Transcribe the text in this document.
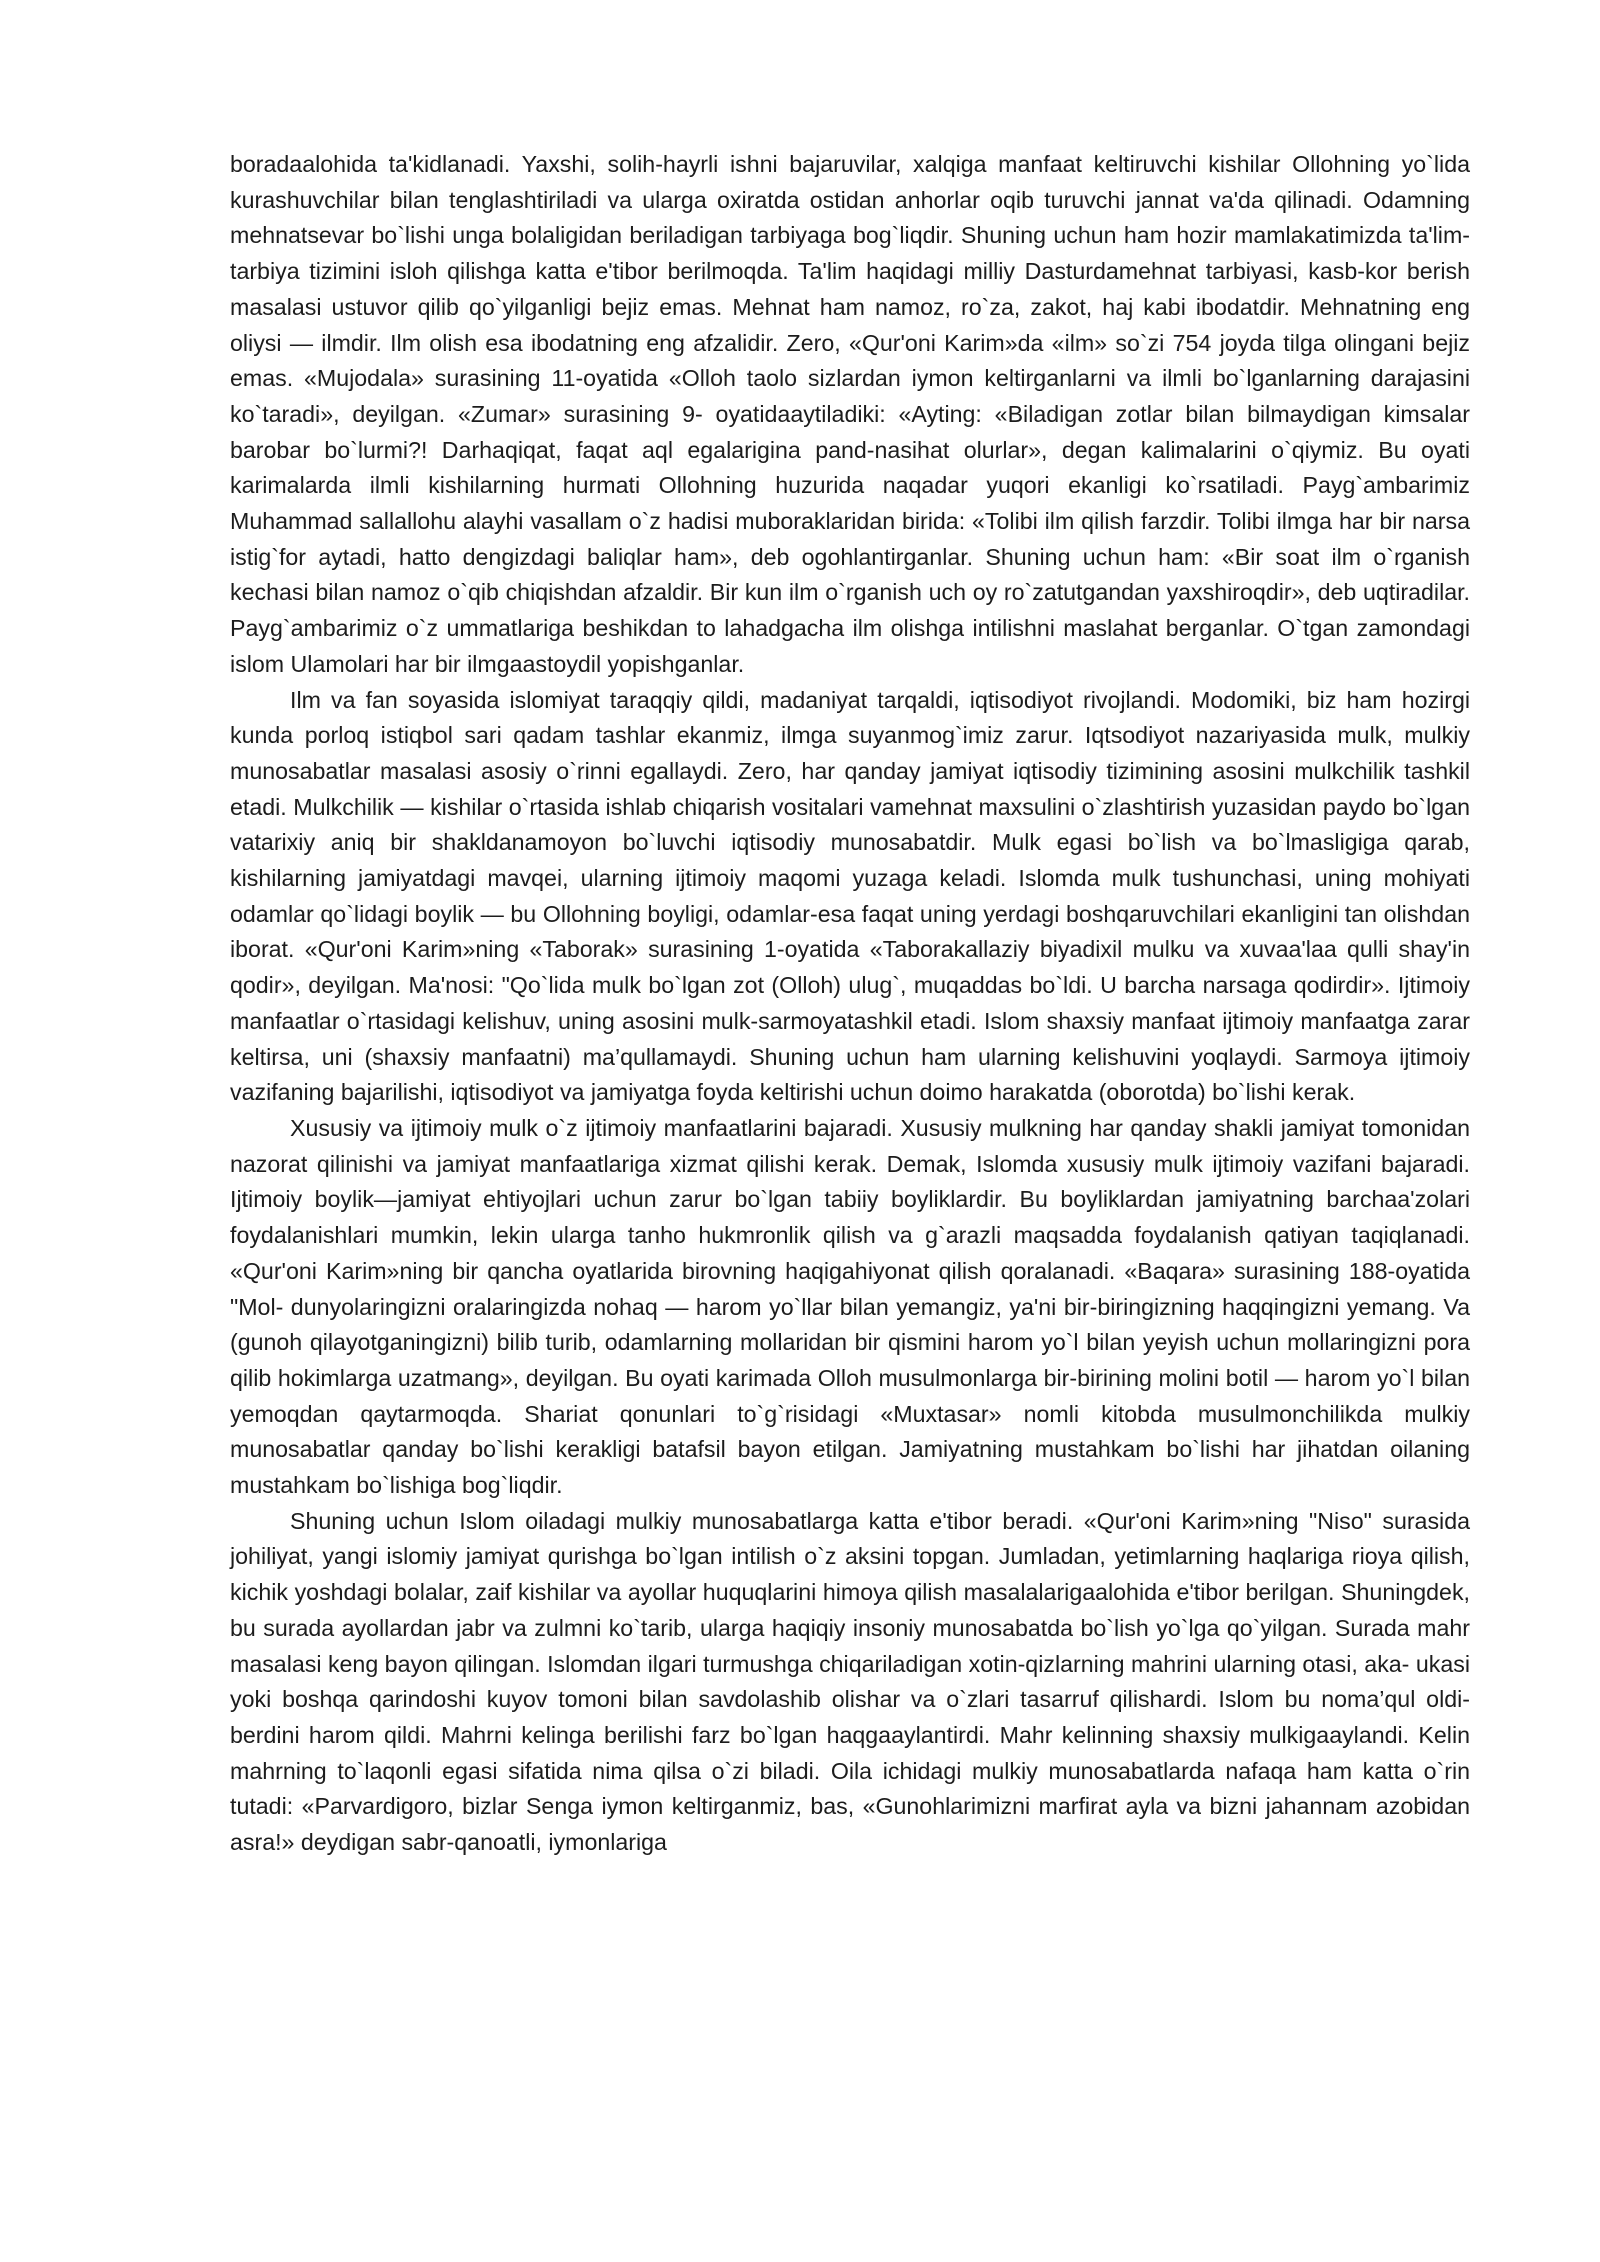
boradaalohida ta'kidlanadi. Yaxshi, solih-hayrli ishni bajaruvilar, xalqiga manfaat keltiruvchi kishilar Ollohning yo`lida kurashuvchilar bilan tenglashtiriladi va ularga oxiratda ostidan anhorlar oqib turuvchi jannat va'da qilinadi. Odamning mehnatsevar bo`lishi unga bolaligidan beriladigan tarbiyaga bog`liqdir. Shuning uchun ham hozir mamlakatimizda ta'lim-tarbiya tizimini isloh qilishga katta e'tibor berilmoqda. Ta'lim haqidagi milliy Dasturdamehnat tarbiyasi, kasb-kor berish masalasi ustuvor qilib qo`yilganligi bejiz emas. Mehnat ham namoz, ro`za, zakot, haj kabi ibodatdir. Mehnatning eng oliysi — ilmdir. Ilm olish esa ibodatning eng afzalidir. Zero, «Qur'oni Karim»da «ilm» so`zi 754 joyda tilga olingani bejiz emas. «Mujodala» surasining 11-oyatida «Olloh taolo sizlardan iymon keltirganlarni va ilmli bo`lganlarning darajasini ko`taradi», deyilgan. «Zumar» surasining 9- oyatidaaytiladiki: «Ayting: «Biladigan zotlar bilan bilmaydigan kimsalar barobar bo`lurmi?! Darhaqiqat, faqat aql egalarigina pand-nasihat olurlar», degan kalimalarini o`qiymiz. Bu oyati karimalarda ilmli kishilarning hurmati Ollohning huzurida naqadar yuqori ekanligi ko`rsatiladi. Payg`ambarimiz Muhammad sallallohu alayhi vasallam o`z hadisi muboraklaridan birida: «Tolibi ilm qilish farzdir. Tolibi ilmga har bir narsa istig`for aytadi, hatto dengizdagi baliqlar ham», deb ogohlantirganlar. Shuning uchun ham: «Bir soat ilm o`rganish kechasi bilan namoz o`qib chiqishdan afzaldir. Bir kun ilm o`rganish uch oy ro`zatutgandan yaxshiroqdir», deb uqtiradilar. Payg`ambarimiz o`z ummatlariga beshikdan to lahadgacha ilm olishga intilishni maslahat berganlar. O`tgan zamondagi islom Ulamolari har bir ilmgaastoydil yopishganlar.

Ilm va fan soyasida islomiyat taraqqiy qildi, madaniyat tarqaldi, iqtisodiyot rivojlandi. Modomiki, biz ham hozirgi kunda porloq istiqbol sari qadam tashlar ekanmiz, ilmga suyanmog`imiz zarur. Iqtsodiyot nazariyasida mulk, mulkiy munosabatlar masalasi asosiy o`rinni egallaydi. Zero, har qanday jamiyat iqtisodiy tizimining asosini mulkchilik tashkil etadi. Mulkchilik — kishilar o`rtasida ishlab chiqarish vositalari vamehnat maxsulini o`zlashtirish yuzasidan paydo bo`lgan vatarixiy aniq bir shakldanamoyon bo`luvchi iqtisodiy munosabatdir. Mulk egasi bo`lish va bo`lmasligiga qarab, kishilarning jamiyatdagi mavqei, ularning ijtimoiy maqomi yuzaga keladi. Islomda mulk tushunchasi, uning mohiyati odamlar qo`lidagi boylik — bu Ollohning boyligi, odamlar-esa faqat uning yerdagi boshqaruvchilari ekanligini tan olishdan iborat. «Qur'oni Karim»ning «Taborak» surasining 1-oyatida «Taborakallaziy biyadixil mulku va xuvaa'laa qulli shay'in qodir», deyilgan. Ma'nosi: "Qo`lida mulk bo`lgan zot (Olloh) ulug`, muqaddas bo`ldi. U barcha narsaga qodirdir». Ijtimoiy manfaatlar o`rtasidagi kelishuv, uning asosini mulk-sarmoyatashkil etadi. Islom shaxsiy manfaat ijtimoiy manfaatga zarar keltirsa, uni (shaxsiy manfaatni) ma’qullamaydi. Shuning uchun ham ularning kelishuvini yoqlaydi. Sarmoya ijtimoiy vazifaning bajarilishi, iqtisodiyot va jamiyatga foyda keltirishi uchun doimo harakatda (oborotda) bo`lishi kerak.

Xususiy va ijtimoiy mulk o`z ijtimoiy manfaatlarini bajaradi. Xususiy mulkning har qanday shakli jamiyat tomonidan nazorat qilinishi va jamiyat manfaatlariga xizmat qilishi kerak. Demak, Islomda xususiy mulk ijtimoiy vazifani bajaradi. Ijtimoiy boylik—jamiyat ehtiyojlari uchun zarur bo`lgan tabiiy boyliklardir. Bu boyliklardan jamiyatning barchaa'zolari foydalanishlari mumkin, lekin ularga tanho hukmronlik qilish va g`arazli maqsadda foydalanish qatiyan taqiqlanadi. «Qur'oni Karim»ning bir qancha oyatlarida birovning haqigahiyonat qilish qoralanadi. «Baqara» surasining 188-oyatida "Mol- dunyolaringizni oralaringizda nohaq — harom yo`llar bilan yemangiz, ya'ni bir-biringizning haqqingizni yemang. Va (gunoh qilayotganingizni) bilib turib, odamlarning mollaridan bir qismini harom yo`l bilan yeyish uchun mollaringizni pora qilib hokimlarga uzatmang», deyilgan. Bu oyati karimada Olloh musulmonlarga bir-birining molini botil — harom yo`l bilan yemoqdan qaytarmoqda. Shariat qonunlari to`g`risidagi «Muxtasar» nomli kitobda musulmonchilikda mulkiy munosabatlar qanday bo`lishi kerakligi batafsil bayon etilgan. Jamiyatning mustahkam bo`lishi har jihatdan oilaning mustahkam bo`lishiga bog`liqdir.

Shuning uchun Islom oiladagi mulkiy munosabatlarga katta e'tibor beradi. «Qur'oni Karim»ning "Niso" surasida johiliyat, yangi islomiy jamiyat qurishga bo`lgan intilish o`z aksini topgan. Jumladan, yetimlarning haqlariga rioya qilish, kichik yoshdagi bolalar, zaif kishilar va ayollar huquqlarini himoya qilish masalalarigaalohida e'tibor berilgan. Shuningdek, bu surada ayollardan jabr va zulmni ko`tarib, ularga haqiqiy insoniy munosabatda bo`lish yo`lga qo`yilgan. Surada mahr masalasi keng bayon qilingan. Islomdan ilgari turmushga chiqariladigan xotin-qizlarning mahrini ularning otasi, aka- ukasi yoki boshqa qarindoshi kuyov tomoni bilan savdolashib olishar va o`zlari tasarruf qilishardi. Islom bu noma’qul oldi-berdini harom qildi. Mahrni kelinga berilishi farz bo`lgan haqgaaylantirdi. Mahr kelinning shaxsiy mulkigaaylandi. Kelin mahrning to`laqonli egasi sifatida nima qilsa o`zi biladi. Oila ichidagi mulkiy munosabatlarda nafaqa ham katta o`rin tutadi: «Parvardigoro, bizlar Senga iymon keltirganmiz, bas, «Gunohlarimizni marfirat ayla va bizni jahannam azobidan asra!» deydigan sabr-qanoatli, iymonlariga
